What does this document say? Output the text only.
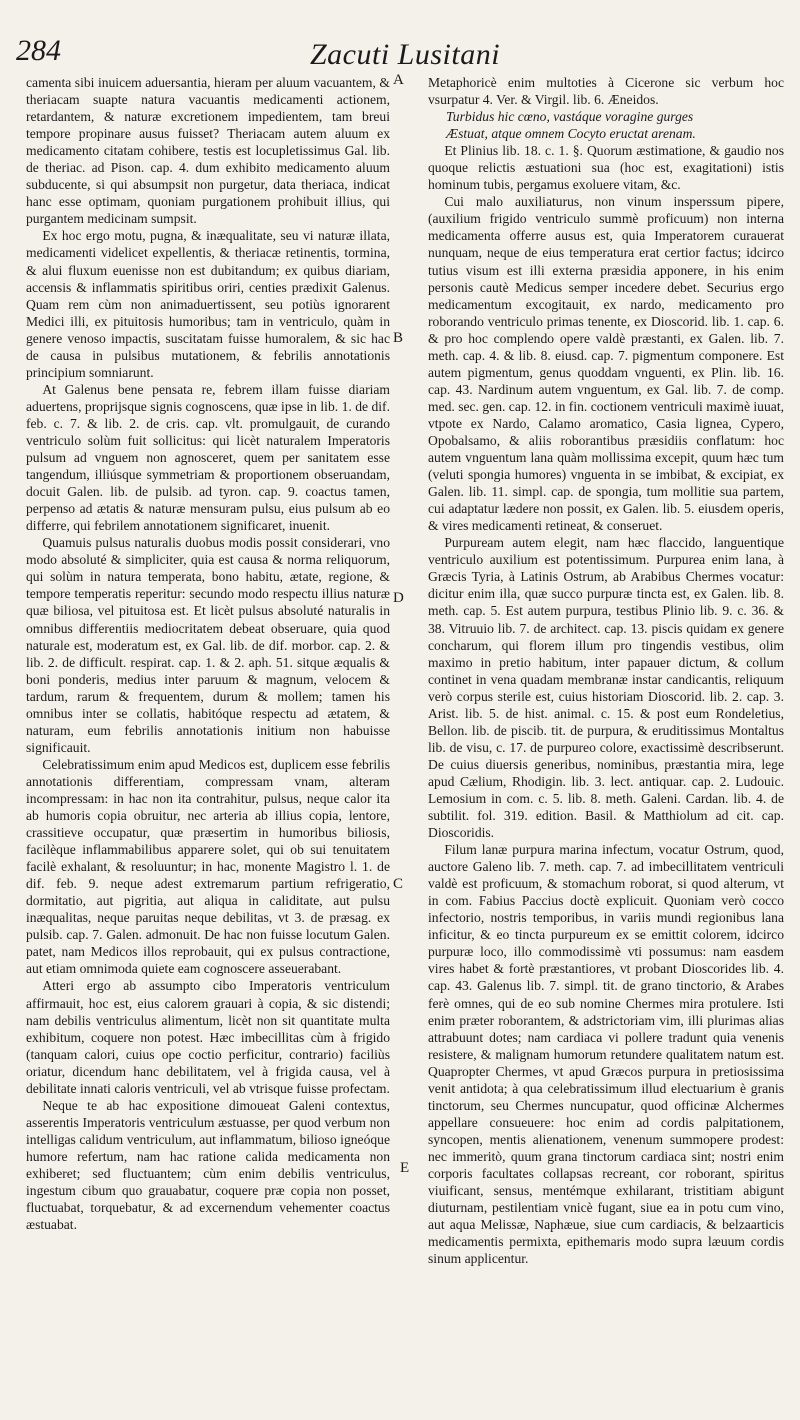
284	Zacuti Lusitani
A
B
D
C
E

camenta sibi inuicem aduersantia, hieram per aluum vacuantem, & theriacam suapte natura vacuantis medicamenti actionem, retardantem, & naturæ excretionem impedientem, tam breui tempore propinare ausus fuisset? Theriacam autem aluum ex medicamento citatam cohibere, testis est locupletissimus Gal. lib. de theriac. ad Pison. cap. 4. dum exhibito medicamento aluum subducente, si qui absumpsit non purgetur, data theriaca, indicat hanc esse optimam, quoniam purgationem prohibuit illius, qui purgantem medicinam sumpsit.

Ex hoc ergo motu, pugna, & inæqualitate, seu vi naturæ illata, medicamenti videlicet expellentis, & theriacæ retinentis, tormina, & alui fluxum euenisse non est dubitandum; ex quibus diariam, accensis & inflammatis spiritibus oriri, centies prædixit Galenus. Quam rem cùm non animaduertissent, seu potiùs ignorarent Medici illi, ex pituitosis humoribus; tam in ventriculo, quàm in genere venoso impactis, suscitatam fuisse humoralem, & sic hac de causa in pulsibus mutationem, & febrilis annotationis principium somniarunt.

At Galenus bene pensata re, febrem illam fuisse diariam aduertens, proprijsque signis cognoscens, quæ ipse in lib. 1. de dif. feb. c. 7. & lib. 2. de cris. cap. vlt. promulgauit, de curando ventriculo solùm fuit sollicitus: qui licèt naturalem Imperatoris pulsum ad vnguem non agnosceret, quem per sanitatem esse tangendum, illiúsque symmetriam & proportionem obseruandam, docuit Galen. lib. de pulsib. ad tyron. cap. 9. coactus tamen, perpenso ad ætatis & naturæ mensuram pulsu, eius pulsum ab eo differre, qui febrilem annotationem significaret, inuenit.

Quamuis pulsus naturalis duobus modis possit considerari, vno modo absoluté & simpliciter, quia est causa & norma reliquorum, qui solùm in natura temperata, bono habitu, ætate, regione, & tempore temperatis reperitur: secundo modo respectu illius naturæ quæ biliosa, vel pituitosa est. Et licèt pulsus absoluté naturalis in omnibus differentiis mediocritatem debeat obseruare, quia quod naturale est, moderatum est, ex Gal. lib. de dif. morbor. cap. 2. & lib. 2. de difficult. respirat. cap. 1. & 2. aph. 51. sitque æqualis & boni ponderis, medius inter paruum & magnum, velocem & tardum, rarum & frequentem, durum & mollem; tamen his omnibus inter se collatis, habitóque respectu ad ætatem, & naturam, eum febrilis annotationis initium non habuisse significauit.

Celebratissimum enim apud Medicos est, duplicem esse febrilis annotationis differentiam, compressam vnam, alteram incompressam: in hac non ita contrahitur, pulsus, neque calor ita ab humoris copia obruitur, nec arteria ab illius copia, lentore, crassitieve occupatur, quæ præsertim in humoribus biliosis, facilèque inflammabilibus apparere solet, qui ob sui tenuitatem facilè exhalant, & resoluuntur; in hac, monente Magistro l. 1. de dif. feb. 9. neque adest extremarum partium refrigeratio, dormitatio, aut pigritia, aut aliqua in caliditate, aut pulsu inæqualitas, neque paruitas neque debilitas, vt 3. de præsag. ex pulsib. cap. 7. Galen. admonuit. De hac non fuisse locutum Galen. patet, nam Medicos illos reprobauit, qui ex pulsus contractione, aut etiam omnimoda quiete eam cognoscere asseuerabant.

Atteri ergo ab assumpto cibo Imperatoris ventriculum affirmauit, hoc est, eius calorem grauari à copia, & sic distendi; nam debilis ventriculus alimentum, licèt non sit quantitate multa exhibitum, coquere non potest. Hæc imbecillitas cùm à frigido (tanquam calori, cuius ope coctio perficitur, contrario) faciliùs oriatur, dicendum hanc debilitatem, vel à frigida causa, vel à debilitate innati caloris ventriculi, vel ab vtrisque fuisse profectam.

Neque te ab hac expositione dimoueat Galeni contextus, asserentis Imperatoris ventriculum æstuasse, per quod verbum non intelligas calidum ventriculum, aut inflammatum, bilioso igneóque humore refertum, nam hac ratione calida medicamenta non exhiberet; sed fluctuantem; cùm enim debilis ventriculus, ingestum cibum quo grauabatur, coquere præ copia non posset, fluctuabat, torquebatur, & ad excernendum vehementer coactus æstuabat.

Metaphoricè enim multoties à Cicerone sic verbum hoc vsurpatur 4. Ver. & Virgil. lib. 6. Æneidos.

Turbidus hic cœno, vastáque voragine gurges

Æstuat, atque omnem Cocyto eructat arenam.

Et Plinius lib. 18. c. 1. §. Quorum æstimatione, & gaudio nos quoque relictis æstuationi sua (hoc est, exagitationi) istis hominum tubis, pergamus exoluere vitam, &c.

Cui malo auxiliaturus, non vinum insperssum pipere, (auxilium frigido ventriculo summè proficuum) non interna medicamenta offerre ausus est, quia Imperatorem curauerat nunquam, neque de eius temperatura erat certior factus; idcirco tutius visum est illi externa præsidia apponere, in his enim personis cautè Medicus semper incedere debet. Securius ergo medicamentum excogitauit, ex nardo, medicamento pro roborando ventriculo primas tenente, ex Dioscorid. lib. 1. cap. 6. & pro hoc complendo opere valdè præstanti, ex Galen. lib. 7. meth. cap. 4. & lib. 8. eiusd. cap. 7. pigmentum componere. Est autem pigmentum, genus quoddam vnguenti, ex Plin. lib. 16. cap. 43. Nardinum autem vnguentum, ex Gal. lib. 7. de comp. med. sec. gen. cap. 12. in fin. coctionem ventriculi maximè iuuat, vtpote ex Nardo, Calamo aromatico, Casia lignea, Cypero, Opobalsamo, & aliis roborantibus præsidiis conflatum: hoc autem vnguentum lana quàm mollissima excepit, quum hæc tum (veluti spongia humores) vnguenta in se imbibat, & excipiat, ex Galen. lib. 11. simpl. cap. de spongia, tum mollitie sua partem, cui adaptatur lædere non possit, ex Galen. lib. 5. eiusdem operis, & vires medicamenti retineat, & conseruet.

Purpuream autem elegit, nam hæc flaccido, languentique ventriculo auxilium est potentissimum. Purpurea enim lana, à Græcis Tyria, à Latinis Ostrum, ab Arabibus Chermes vocatur: dicitur enim illa, quæ succo purpuræ tincta est, ex Galen. lib. 8. meth. cap. 5. Est autem purpura, testibus Plinio lib. 9. c. 36. & 38. Vitruuio lib. 7. de architect. cap. 13. piscis quidam ex genere concharum, qui florem illum pro tingendis vestibus, olim maximo in pretio habitum, inter papauer dictum, & collum continet in vena quadam membranæ instar candicantis, reliquum verò corpus sterile est, cuius historiam Dioscorid. lib. 2. cap. 3. Arist. lib. 5. de hist. animal. c. 15. & post eum Rondeletius, Bellon. lib. de piscib. tit. de purpura, & eruditissimus Montaltus lib. de visu, c. 17. de purpureo colore, exactissimè describserunt. De cuius diuersis generibus, nominibus, præstantia mira, lege apud Cælium, Rhodigin. lib. 3. lect. antiquar. cap. 2. Ludouic. Lemosium in com. c. 5. lib. 8. meth. Galeni. Cardan. lib. 4. de subtilit. fol. 319. edition. Basil. & Matthiolum ad cit. cap. Dioscoridis.

Filum lanæ purpura marina infectum, vocatur Ostrum, quod, auctore Galeno lib. 7. meth. cap. 7. ad imbecillitatem ventriculi valdè est proficuum, & stomachum roborat, si quod alterum, vt in com. Fabius Paccius doctè explicuit. Quoniam verò cocco infectorio, nostris temporibus, in variis mundi regionibus lana inficitur, & eo tincta purpureum ex se emittit colorem, idcirco purpuræ loco, illo commodissimè vti possumus: nam easdem vires habet & fortè præstantiores, vt probant Dioscorides lib. 4. cap. 43. Galenus lib. 7. simpl. tit. de grano tinctorio, & Arabes ferè omnes, qui de eo sub nomine Chermes mira protulere. Isti enim præter roborantem, & adstrictoriam vim, illi plurimas alias attrabuunt dotes; nam cardiaca vi pollere tradunt quia venenis resistere, & malignam humorum retundere qualitatem natum est. Quapropter Chermes, vt apud Græcos purpura in pretiosissima venit antidota; à qua celebratissimum illud electuarium è granis tinctorum, seu Chermes nuncupatur, quod officinæ Alchermes appellare consueuere: hoc enim ad cordis palpitationem, syncopen, mentis alienationem, venenum summopere prodest: nec immeritò, quum grana tinctorum cardiaca sint; nostri enim corporis facultates collapsas recreant, cor roborant, spiritus viuificant, sensus, mentémque exhilarant, tristitiam abigunt diuturnam, pestilentiam vnicè fugant, siue ea in potu cum vino, aut aqua Melissæ, Naphæue, siue cum cardiacis, & belzaarticis medicamentis permixta, epithemaris modo supra læuum cordis sinum applicentur.
